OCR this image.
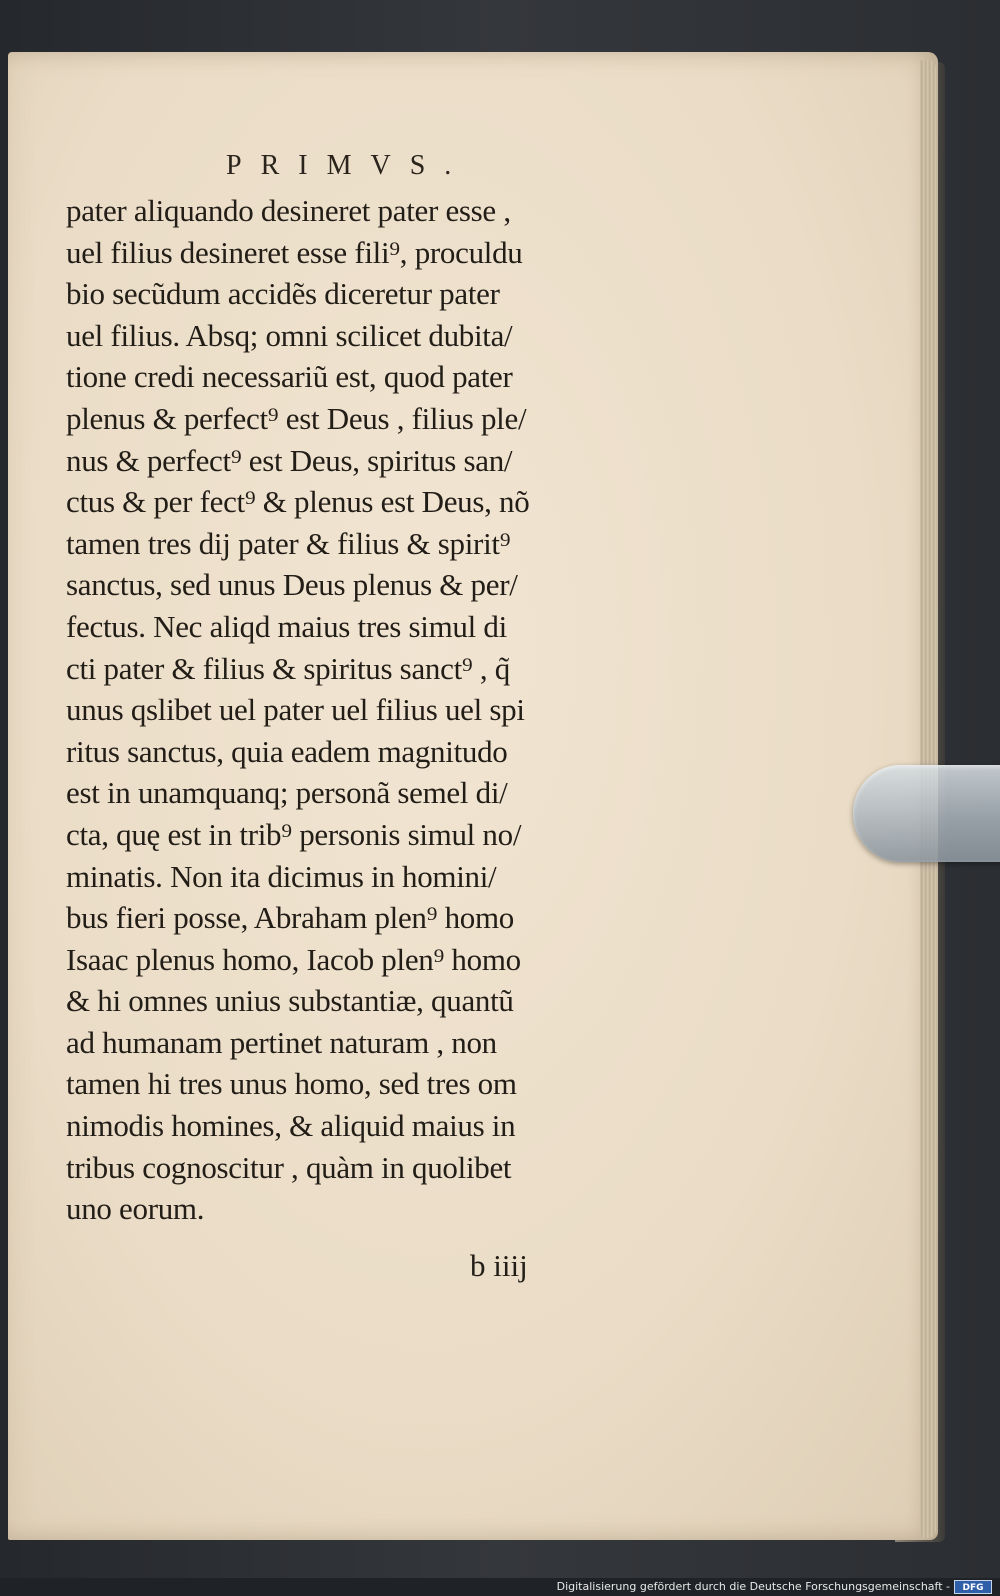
PRIMVS.
pater aliquando desineret pater esse ,
uel filius desineret esse fili⁹, proculdu
bio secũdum accidẽs diceretur pater
uel filius. Absq; omni scilicet dubita/
tione credi necessariũ est, quod pater
plenus & perfect⁹ est Deus , filius ple/
nus & perfect⁹ est Deus, spiritus san/
ctus & per fect⁹ & plenus est Deus, nõ
tamen tres dij pater & filius & spirit⁹
sanctus, sed unus Deus plenus & per/
fectus. Nec aliqd maius tres simul di
cti pater & filius & spiritus sanct⁹ , q̃
unus qslibet uel pater uel filius uel spi
ritus sanctus, quia eadem magnitudo
est in unamquanq; personã semel di/
cta, quę est in trib⁹ personis simul no/
minatis. Non ita dicimus in homini/
bus fieri posse, Abraham plen⁹ homo
Isaac plenus homo, Iacob plen⁹ homo
& hi omnes unius substantiæ, quantũ
ad humanam pertinet naturam , non
tamen hi tres unus homo, sed tres om
nimodis homines, & aliquid maius in
tribus cognoscitur , quàm in quolibet
uno eorum.
b iiij
Digitalisierung gefördert durch die Deutsche Forschungsgemeinschaft -	DFG
